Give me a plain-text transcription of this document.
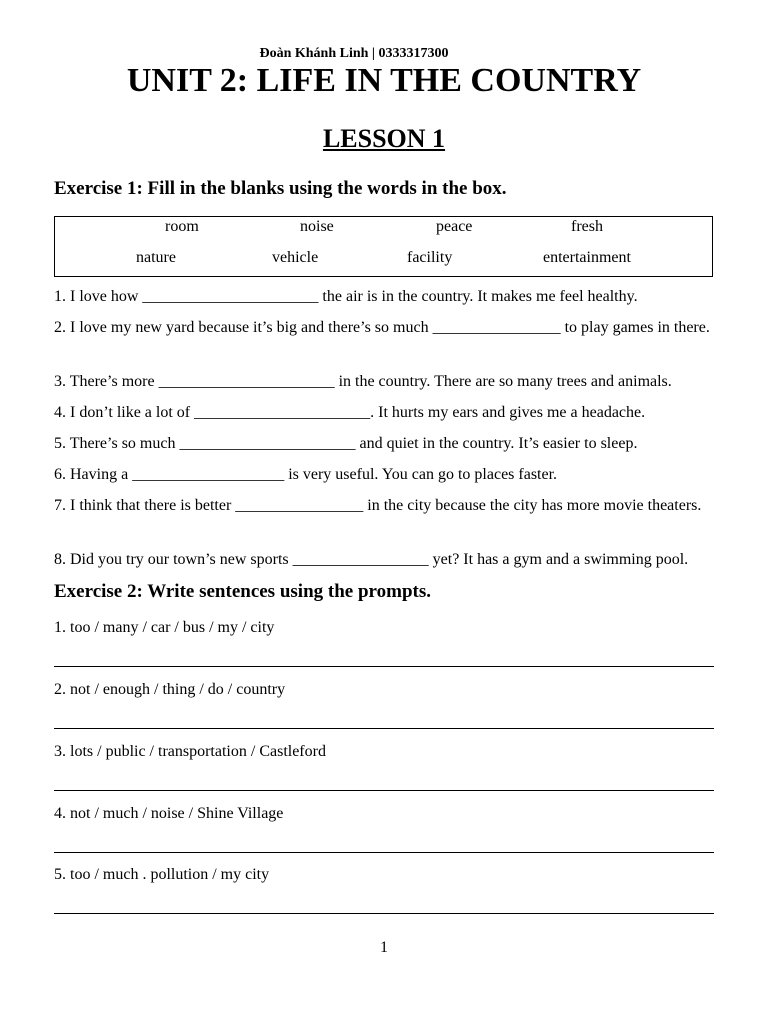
Đoàn Khánh Linh | 0333317300
UNIT 2: LIFE IN THE COUNTRY
LESSON 1
Exercise 1: Fill in the blanks using the words in the box.
room	noise	peace	fresh
nature	vehicle	facility	entertainment

1. I love how ______________________ the air is in the country. It makes me feel healthy.

2. I love my new yard because it’s big and there’s so much ________________ to play games in there.

3. There’s more ______________________ in the country. There are so many trees and animals.

4. I don’t like a lot of ______________________. It hurts my ears and gives me a headache.

5. There’s so much ______________________ and quiet in the country. It’s easier to sleep.

6. Having a ___________________ is very useful. You can go to places faster.

7. I think that there is better ________________ in the city because the city has more movie theaters.

8. Did you try our town’s new sports _________________ yet? It has a gym and a swimming pool.

Exercise 2: Write sentences using the prompts.

1. too / many / car / bus / my / city

2. not / enough / thing / do / country

3. lots / public / transportation / Castleford

4. not / much / noise / Shine Village

5. too / much . pollution / my city

1
